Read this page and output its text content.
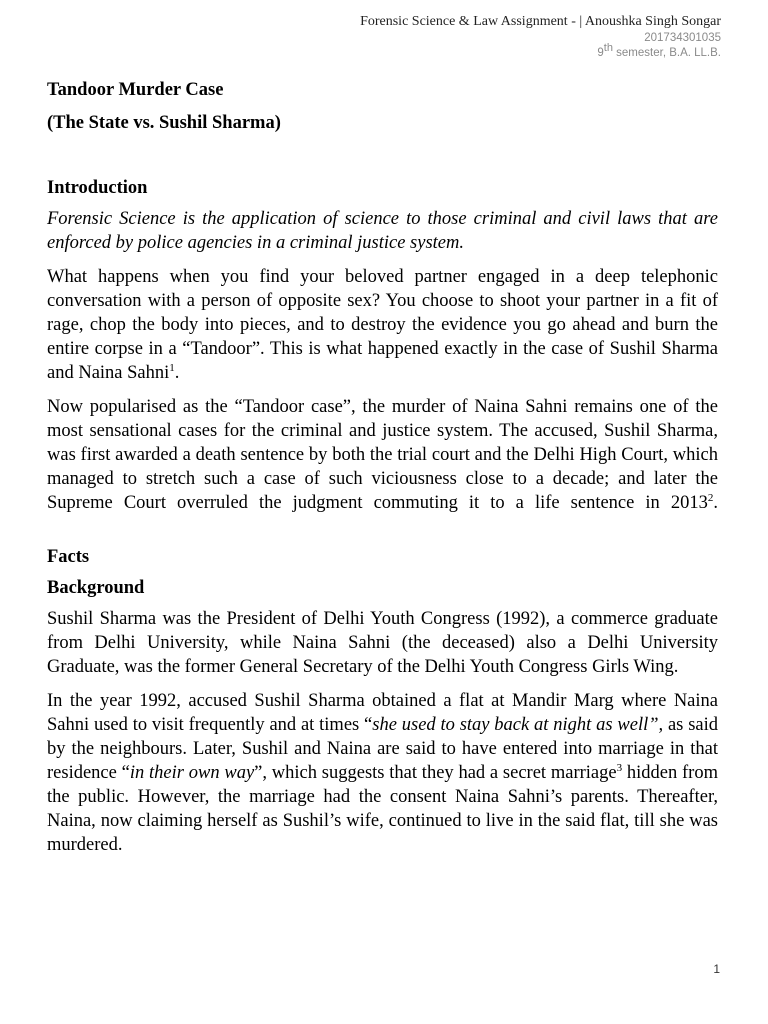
Forensic Science & Law Assignment - | Anoushka Singh Songar
201734301035
9th semester, B.A. LL.B.
Tandoor Murder Case
(The State vs. Sushil Sharma)
Introduction

Forensic Science is the application of science to those criminal and civil laws that are enforced by police agencies in a criminal justice system.

What happens when you find your beloved partner engaged in a deep telephonic conversation with a person of opposite sex? You choose to shoot your partner in a fit of rage, chop the body into pieces, and to destroy the evidence you go ahead and burn the entire corpse in a “Tandoor”. This is what happened exactly in the case of Sushil Sharma and Naina Sahni$^1$.

Now popularised as the “Tandoor case”, the murder of Naina Sahni remains one of the most sensational cases for the criminal and justice system. The accused, Sushil Sharma, was first awarded a death sentence by both the trial court and the Delhi High Court, which managed to stretch such a case of such viciousness close to a decade; and later the Supreme Court overruled the judgment commuting it to a life sentence in 2013$^2$.

Facts
Background

Sushil Sharma was the President of Delhi Youth Congress (1992), a commerce graduate from Delhi University, while Naina Sahni (the deceased) also a Delhi University Graduate, was the former General Secretary of the Delhi Youth Congress Girls Wing.

In the year 1992, accused Sushil Sharma obtained a flat at Mandir Marg where Naina Sahni used to visit frequently and at times “she used to stay back at night as well”, as said by the neighbours. Later, Sushil and Naina are said to have entered into marriage in that residence “in their own way”, which suggests that they had a secret marriage$^3$ hidden from the public. However, the marriage had the consent Naina Sahni’s parents. Thereafter, Naina, now claiming herself as Sushil’s wife, continued to live in the said flat, till she was murdered.

1
